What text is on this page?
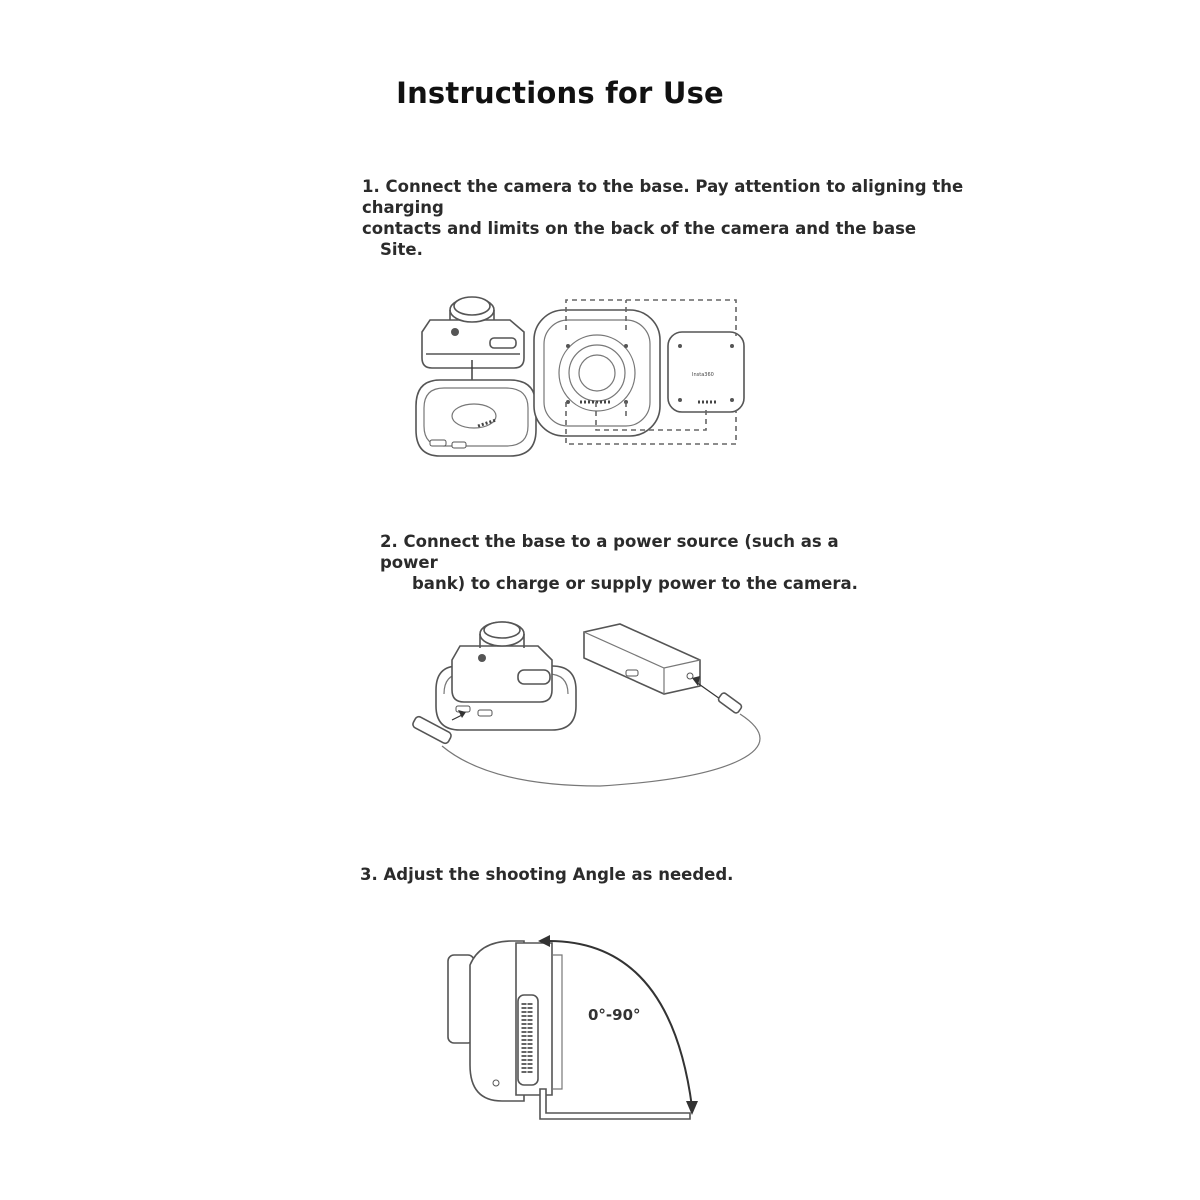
Instructions for Use
1. Connect the camera to the base. Pay attention to aligning the charging
contacts and limits on the back of the camera and the base
Site.
Insta360
2. Connect the base to a power source (such as a power
bank) to charge or supply power to the camera.
3. Adjust the shooting Angle as needed.
0°-90°
